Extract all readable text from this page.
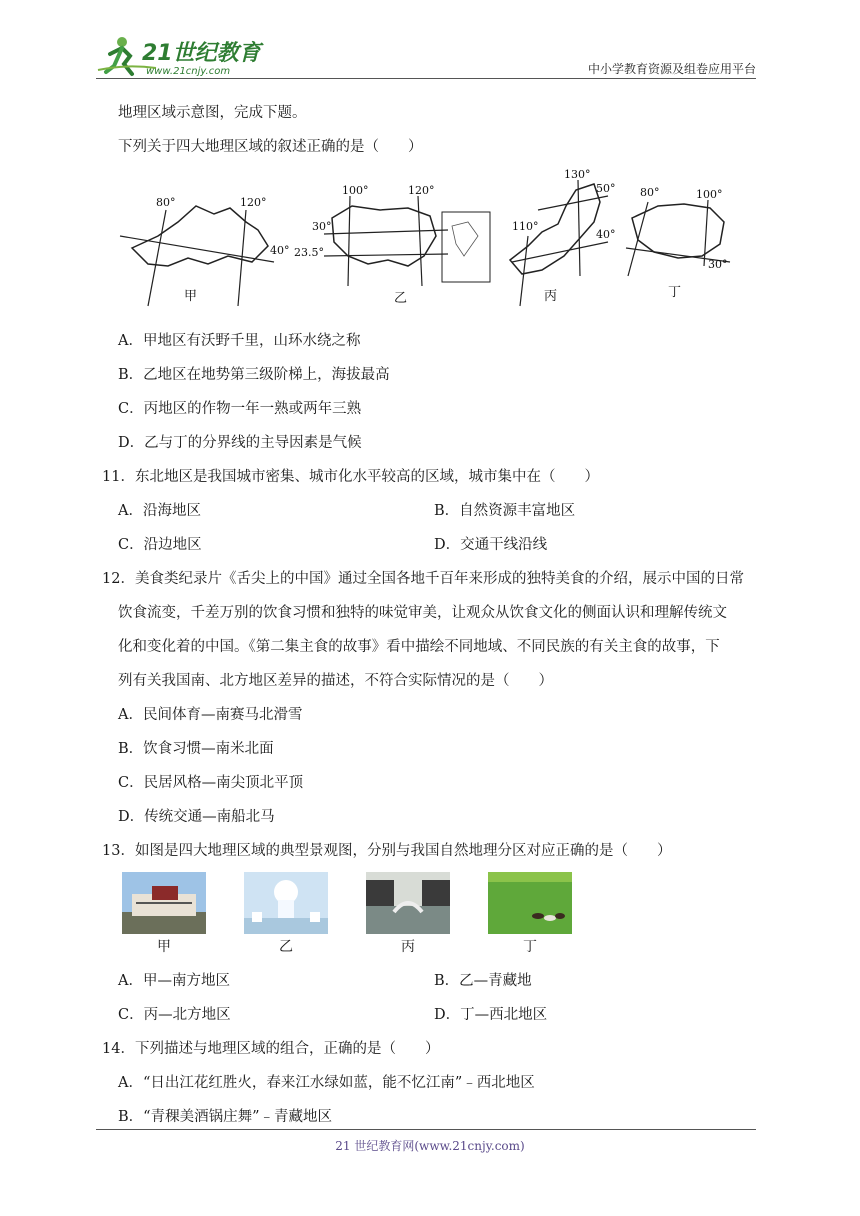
21世纪教育
www.21cnjy.com	中小学教育资源及组卷应用平台

地理区域示意图，完成下题。

下列关于四大地理区域的叙述正确的是（　　）

80°	120°
40°
甲
100°	120°
30°
23.5°
乙
130°
50°
110°
40°
丙
80°	100°
30°
丁

A．甲地区有沃野千里，山环水绕之称

B．乙地区在地势第三级阶梯上，海拔最高

C．丙地区的作物一年一熟或两年三熟

D．乙与丁的分界线的主导因素是气候

11．东北地区是我国城市密集、城市化水平较高的区域，城市集中在（　　）

A．沿海地区	B．自然资源丰富地区

C．沿边地区	D．交通干线沿线

12．美食类纪录片《舌尖上的中国》通过全国各地千百年来形成的独特美食的介绍，展示中国的日常

饮食流变，千差万别的饮食习惯和独特的味觉审美，让观众从饮食文化的侧面认识和理解传统文

化和变化着的中国。《第二集主食的故事》看中描绘不同地域、不同民族的有关主食的故事，下

列有关我国南、北方地区差异的描述，不符合实际情况的是（　　）

A．民间体育—南赛马北滑雪

B．饮食习惯—南米北面

C．民居风格—南尖顶北平顶

D．传统交通—南船北马

13．如图是四大地理区域的典型景观图，分别与我国自然地理分区对应正确的是（　　）

甲	乙	丙	丁

A．甲—南方地区	B．乙—青藏地

C．丙—北方地区	D．丁—西北地区

14．下列描述与地理区域的组合，正确的是（　　）

A．“日出江花红胜火，春来江水绿如蓝，能不忆江南”﹣西北地区

B．“青稞美酒锅庄舞”﹣青藏地区

21 世纪教育网(www.21cnjy.com)
